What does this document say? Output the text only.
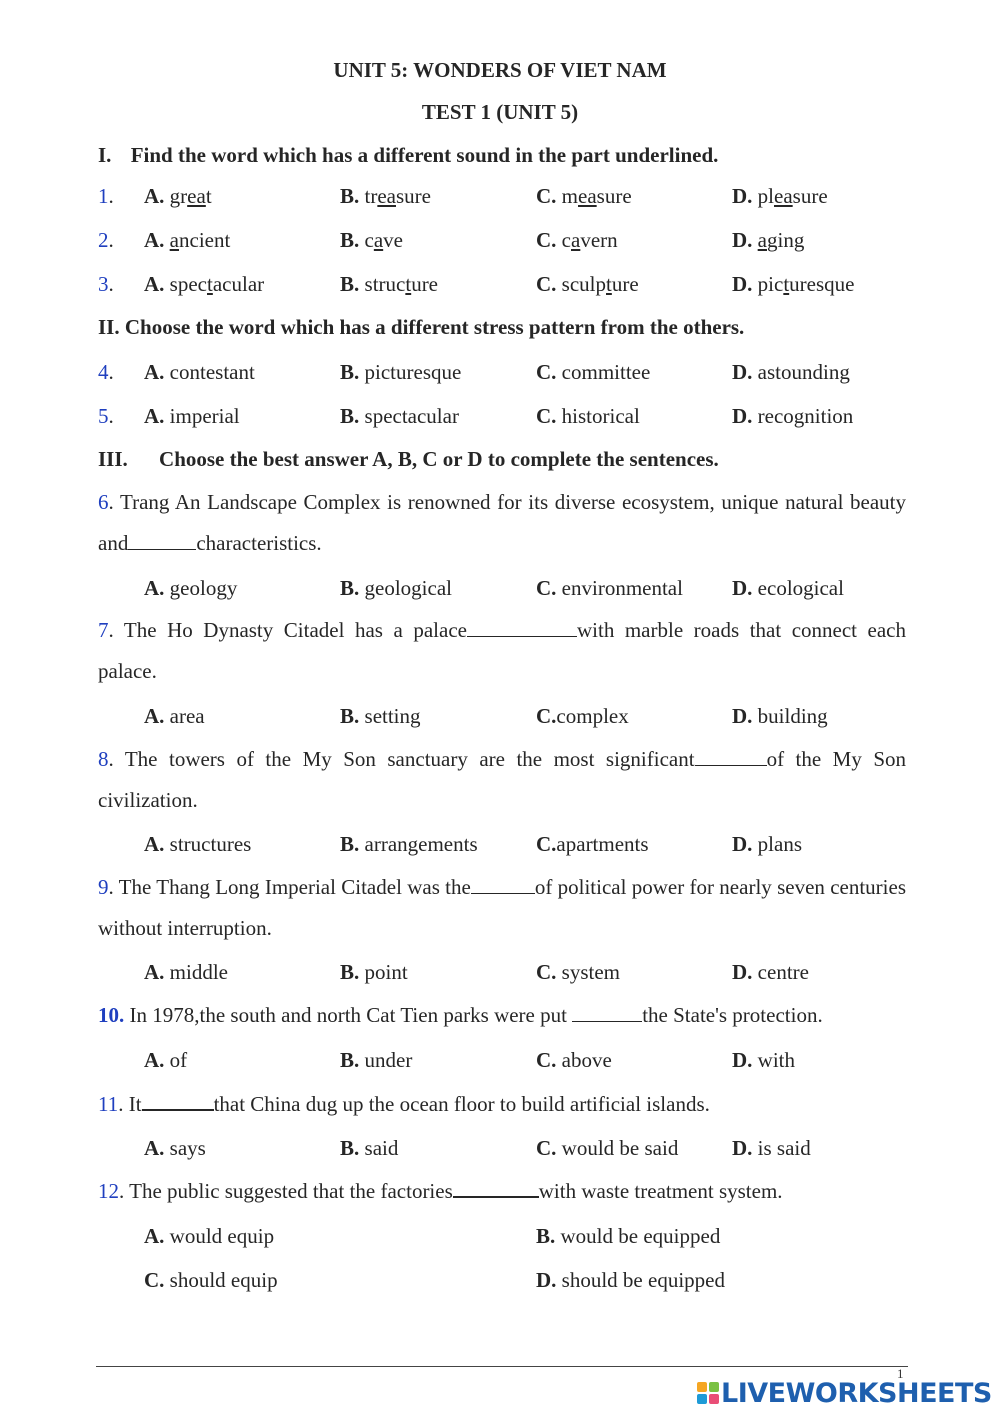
UNIT 5: WONDERS OF VIET NAM
TEST 1 (UNIT 5)
I. Find the word which has a different sound in the part underlined.
1. A. great	B. treasure	C. measure	D. pleasure
2. A. ancient	B. cave	C. cavern	D. aging
3. A. spectacular	B. structure	C. sculpture	D. picturesque
II. Choose the word which has a different stress pattern from the others.
4. A. contestant	B. picturesque	C. committee	D. astounding
5. A. imperial	B. spectacular	C. historical	D. recognition
III. Choose the best answer A, B, C or D to complete the sentences.
6. Trang An Landscape Complex is renowned for its diverse ecosystem, unique natural beauty and	characteristics.
A. geology	B. geological	C. environmental D. ecological
7. The Ho Dynasty Citadel has a palace	with marble roads that connect each palace.
A. area	B. setting	C.complex	D. building
8. The towers of the My Son sanctuary are the most significant	of the My Son civilization.
A. structures	B. arrangements	C.apartments	D. plans
9. The Thang Long Imperial Citadel was the	of political power for nearly seven centuries without interruption.
A. middle	B. point	C. system	D. centre
10. In 1978,the south and north Cat Tien parks were put	the State's protection.
A. of	B. under	C. above	D. with
11. It	that China dug up the ocean floor to build artificial islands.
A. says	B. said	C. would be said	D. is said
12. The public suggested that the factories	with waste treatment system.
A. would equip	B. would be equipped
C. should equip	D. should be equipped
1
LIVEWORKSHEETS
